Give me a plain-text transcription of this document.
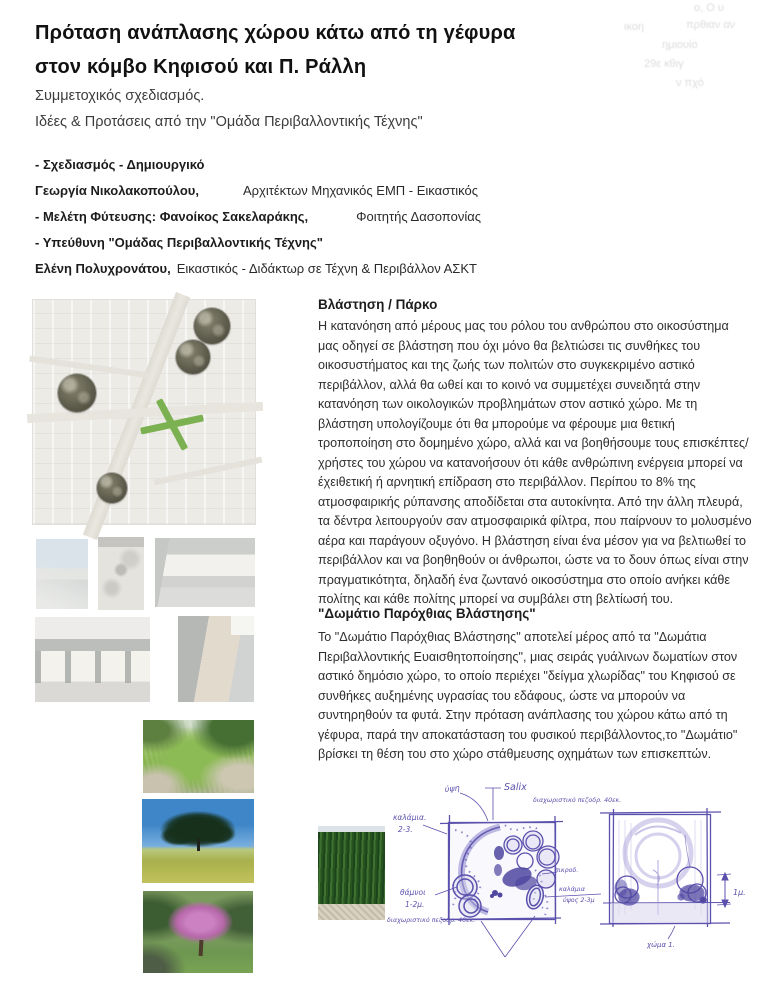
Πρόταση ανάπλασης χώρου κάτω από τη γέφυρα
στον κόμβο Κηφισού και Π. Ράλλη
Συμμετοχικός σχεδιασμός.
Ιδέες & Προτάσεις από την "Ομάδα Περιβαλλοντικής Τέχνης"
ο, Ο υ
ικοη	πρθιαν αν
ημιουίο
29ε κθιγ
ν πχό
- Σχεδιασμός - Δημιουργικό
Γεωργία Νικολακοπούλου,	Αρχιτέκτων Μηχανικός ΕΜΠ - Εικαστικός
- Μελέτη Φύτευσης: Φανοίκος Σακελαράκης,	Φοιτητής Δασοπονίας
- Υπεύθυνη "Ομάδας Περιβαλλοντικής Τέχνης"
Ελένη Πολυχρονάτου, Εικαστικός - Διδάκτωρ σε Τέχνη & Περιβάλλον ΑΣΚΤ
Βλάστηση / Πάρκο
Η κατανόηση από μέρους μας του ρόλου του ανθρώπου στο οικοσύστημα μας οδηγεί σε βλάστηση που όχι μόνο θα βελτιώσει τις συνθήκες του οικοσυστήματος και της ζωής των πολιτών στο συγκεκριμένο αστικό περιβάλλον, αλλά θα ωθεί και το κοινό να συμμετέχει συνειδητά στην κατανόηση των οικολογικών προβλημάτων στον αστικό χώρο. Με τη βλάστηση υπολογίζουμε ότι θα μπορούμε να φέρουμε μια θετική τροποποίηση στο δομημένο χώρο, αλλά και να βοηθήσουμε τους επισκέπτες/χρήστες του χώρου να κατανοήσουν ότι κάθε ανθρώπινη ενέργεια μπορεί να έχειθετική ή αρνητική επίδραση στο περιβάλλον. Περίπου το 8% της ατμοσφαιρικής ρύπανσης αποδίδεται στα αυτοκίνητα. Από την άλλη πλευρά, τα δέντρα λειτουργούν σαν ατμοσφαιρικά φίλτρα, που παίρνουν το μολυσμένο αέρα και παράγουν οξυγόνο. Η βλάστηση είναι ένα μέσον για να βελτιωθεί το περιβάλλον και να βοηθηθούν οι άνθρωποι, ώστε να το δουν όπως είναι στην πραγματικότητα, δηλαδή ένα ζωντανό οικοσύστημα στο οποίο ανήκει κάθε πολίτης και κάθε πολίτης μπορεί να συμβάλει στη βελτίωσή του.
"Δωμάτιο Παρόχθιας Βλάστησης"
Το "Δωμάτιο Παρόχθιας Βλάστησης" αποτελεί μέρος από τα "Δωμάτια Περιβαλλοντικής Ευαισθητοποίησης", μιας σειράς γυάλινων δωματίων στον αστικό δημόσιο χώρο, το οποίο περιέχει "δείγμα χλωρίδας" του Κηφισού σε συνθήκες αυξημένης υγρασίας του εδάφους, ώστε να μπορούν να συντηρηθούν τα φυτά. Στην πρόταση ανάπλασης του χώρου κάτω από τη γέφυρα, παρά την αποκατάσταση του φυσικού περιβάλλοντος,το "Δωμάτιο" βρίσκει τη θέση του στο χώρο στάθμευσης οχημάτων των επισκεπτών.
ύψη	Salix
καλάμια.
2-3.
θάμνοι
1-2μ.
διαχωριστικό πεζοδρ. 40εκ.
πικροδ.
καλάμια
ύψος 2-3μ
διαχωριστικό πεζοδρ. 40εκ.
1μ.
χώμα 1.
